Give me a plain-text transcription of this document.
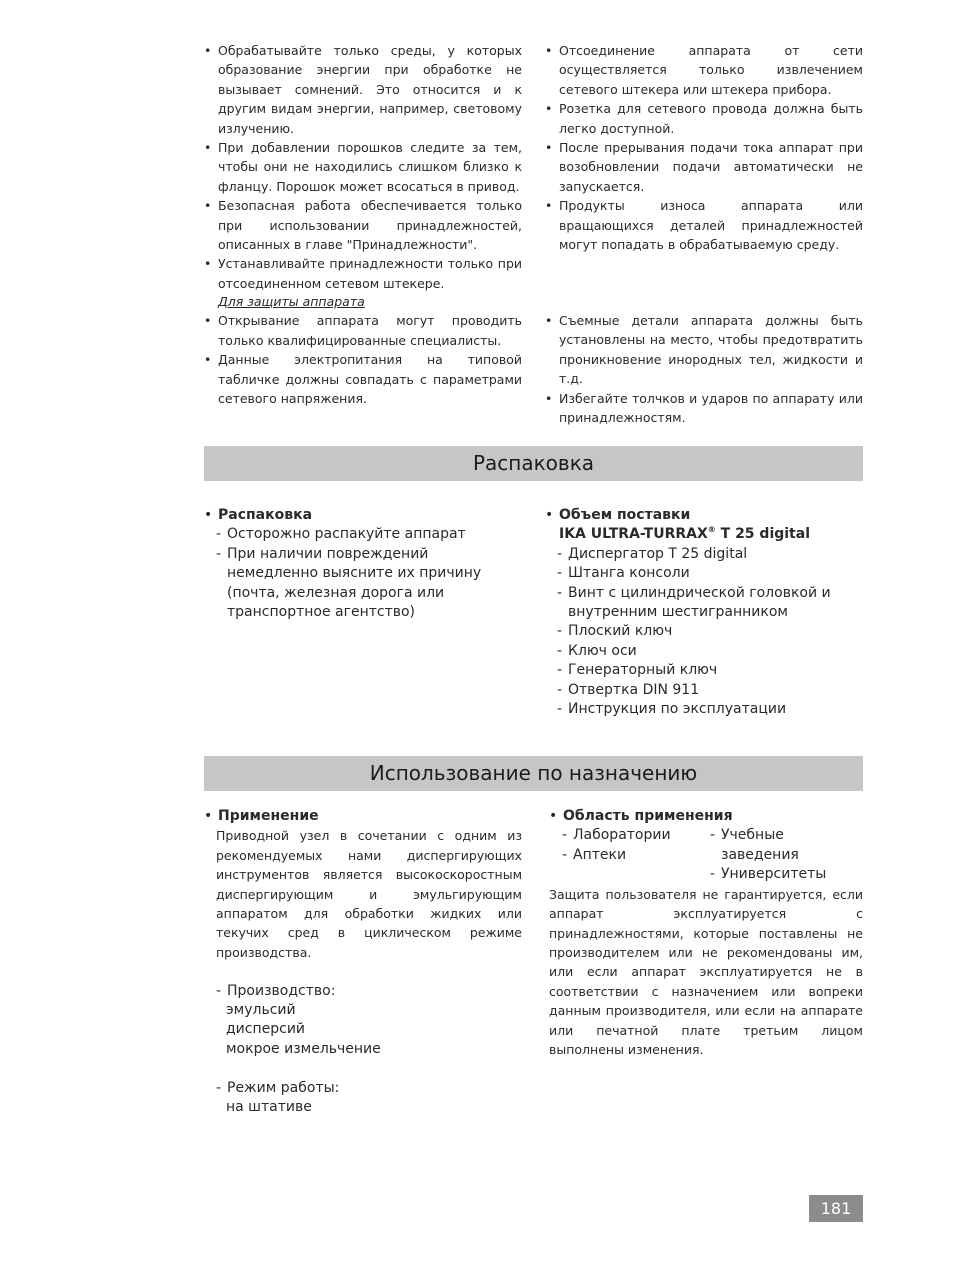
• Обрабатывайте только среды, у которых образование энергии при обработке не вызывает сомнений. Это относится и к другим видам энергии, например, световому излучению.
• При добавлении порошков следите за тем, чтобы они не находились слишком близко к фланцу. Порошок может всосаться в привод.
• Безопасная работа обеспечивается только при использовании принадлежностей, описанных в главе "Принадлежности".
• Устанавливайте принадлежности только при отсоединенном сетевом штекере.
• Отсоединение аппарата от сети осуществляется только извлечением сетевого штекера или штекера прибора.
• Розетка для сетевого провода должна быть легко доступной.
• После прерывания подачи тока аппарат при возобновлении подачи автоматически не запускается.
• Продукты износа аппарата или вращающихся деталей принадлежностей могут попадать в обрабатываемую среду.
Для защиты аппарата
• Открывание аппарата могут проводить только квалифицированные специалисты.
• Данные электропитания на типовой табличке должны совпадать с параметрами сетевого напряжения.
• Съемные детали аппарата должны быть установлены на место, чтобы предотвратить проникновение инородных тел, жидкости и т.д.
• Избегайте толчков и ударов по аппарату или принадлежностям.
Распаковка
• Распаковка
- Осторожно распакуйте аппарат
- При наличии повреждений немедленно выясните их причину (почта, железная дорога или транспортное агентство)
• Объем поставки
IKA ULTRA-TURRAX® T 25 digital
- Диспергатор T 25 digital
- Штанга консоли
- Винт с цилиндрической головкой и внутренним шестигранником
- Плоский ключ
- Ключ оси
- Генераторный ключ
- Отвертка DIN 911
- Инструкция по эксплуатации
Использование по назначению
• Применение
Приводной узел в сочетании с одним из рекомендуемых нами диспергирующих инструментов является высокоскоростным диспергирующим и эмульгирующим аппаратом для обработки жидких или текучих сред в циклическом режиме производства.
- Производство:
эмульсий
дисперсий
мокрое измельчение
- Режим работы:
на штативе
• Область применения
- Лаборатории
- Аптеки
- Учебные заведения
- Университеты
Защита пользователя не гарантируется, если аппарат эксплуатируется с принадлежностями, которые поставлены не производителем или не рекомендованы им, или если аппарат эксплуатируется не в соответствии с назначением или вопреки данным производителя, или если на аппарате или печатной плате третьим лицом выполнены изменения.
181
